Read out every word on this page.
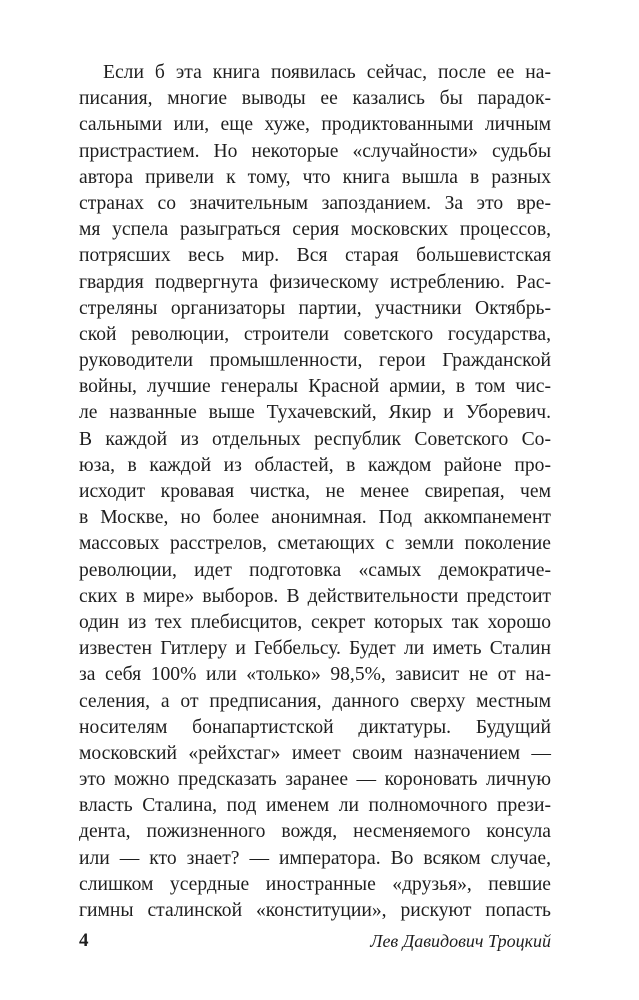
Если б эта книга появилась сейчас, после ее на-
писания, многие выводы ее казались бы парадок-
сальными или, еще хуже, продиктованными личным
пристрастием. Но некоторые «случайности» судьбы
автора привели к тому, что книга вышла в разных
странах со значительным запозданием. За это вре-
мя успела разыграться серия московских процессов,
потрясших весь мир. Вся старая большевистская
гвардия подвергнута физическому истреблению. Рас-
стреляны организаторы партии, участники Октябрь-
ской революции, строители советского государства,
руководители промышленности, герои Гражданской
войны, лучшие генералы Красной армии, в том чис-
ле названные выше Тухачевский, Якир и Уборевич.
В каждой из отдельных республик Советского Со-
юза, в каждой из областей, в каждом районе про-
исходит кровавая чистка, не менее свирепая, чем
в Москве, но более анонимная. Под аккомпанемент
массовых расстрелов, сметающих с земли поколение
революции, идет подготовка «самых демократиче-
ских в мире» выборов. В действительности предстоит
один из тех плебисцитов, секрет которых так хорошо
известен Гитлеру и Геббельсу. Будет ли иметь Сталин
за себя 100% или «только» 98,5%, зависит не от на-
селения, а от предписания, данного сверху местным
носителям бонапартистской диктатуры. Будущий
московский «рейхстаг» имеет своим назначением —
это можно предсказать заранее — короновать личную
власть Сталина, под именем ли полномочного прези-
дента, пожизненного вождя, несменяемого консула
или — кто знает? — императора. Во всяком случае,
слишком усердные иностранные «друзья», певшие
гимны сталинской «конституции», рискуют попасть
4	Лев Давидович Троцкий
